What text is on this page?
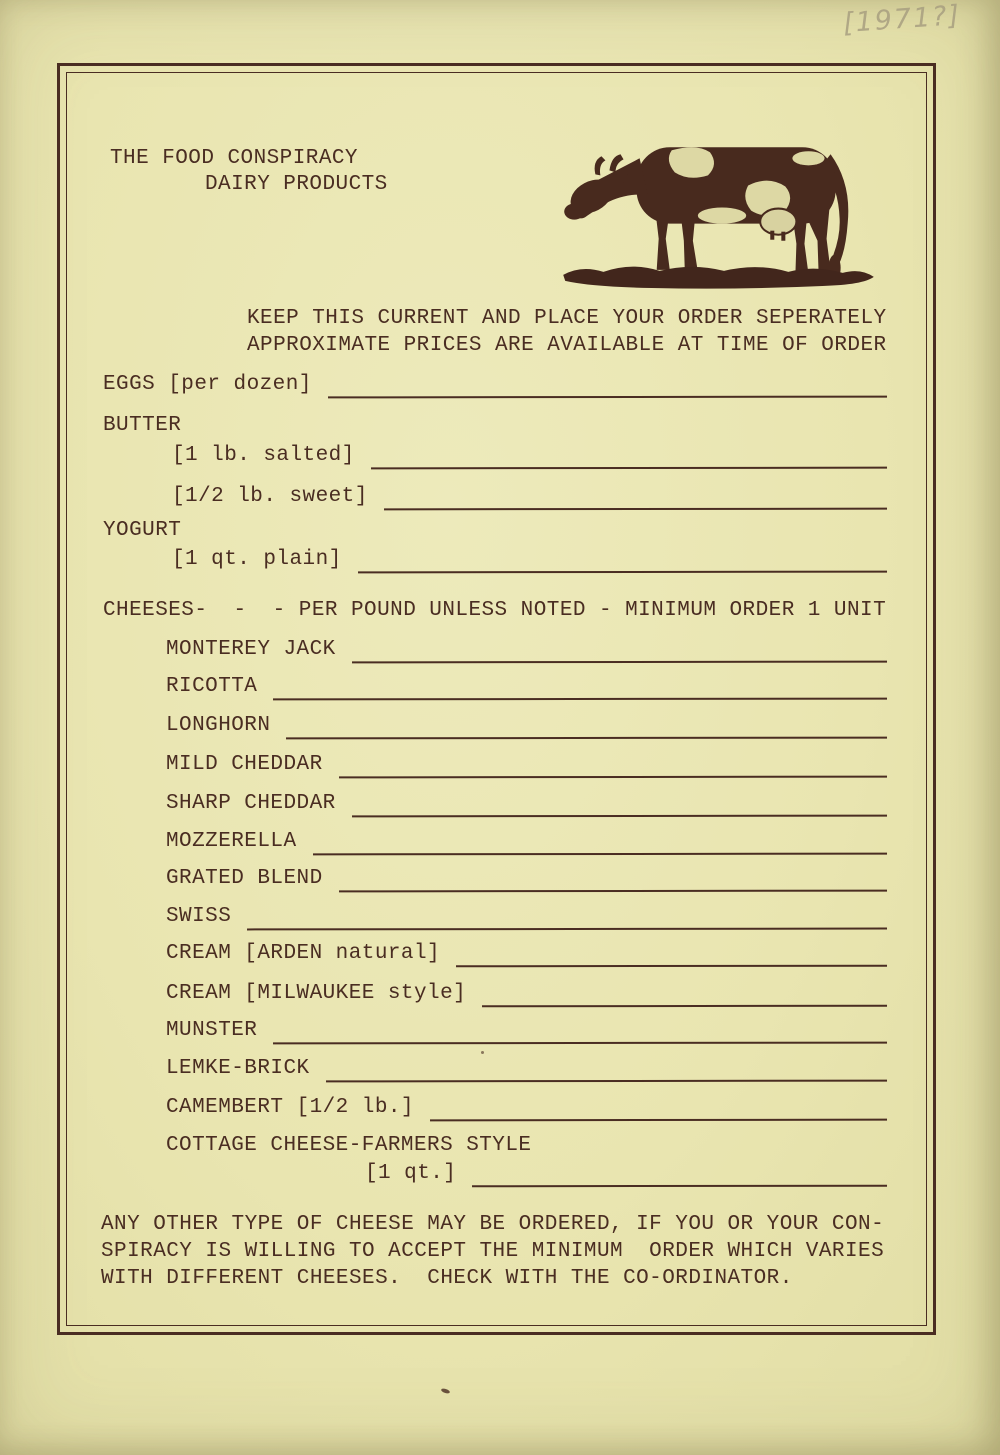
[1971?]
THE FOOD CONSPIRACY
DAIRY PRODUCTS
KEEP THIS CURRENT AND PLACE YOUR ORDER SEPERATELY
APPROXIMATE PRICES ARE AVAILABLE AT TIME OF ORDER
EGGS [per dozen]
BUTTER
[1 lb. salted]
[1/2 lb. sweet]
YOGURT
[1 qt. plain]
CHEESES-  -  - PER POUND UNLESS NOTED - MINIMUM ORDER 1 UNIT
MONTEREY JACK
RICOTTA
LONGHORN
MILD CHEDDAR
SHARP CHEDDAR
MOZZERELLA
GRATED BLEND
SWISS
CREAM [ARDEN natural]
CREAM [MILWAUKEE style]
MUNSTER
LEMKE-BRICK
CAMEMBERT [1/2 lb.]
COTTAGE CHEESE-FARMERS STYLE
[1 qt.]
ANY OTHER TYPE OF CHEESE MAY BE ORDERED, IF YOU OR YOUR CON-
SPIRACY IS WILLING TO ACCEPT THE MINIMUM  ORDER WHICH VARIES
WITH DIFFERENT CHEESES.  CHECK WITH THE CO-ORDINATOR.
